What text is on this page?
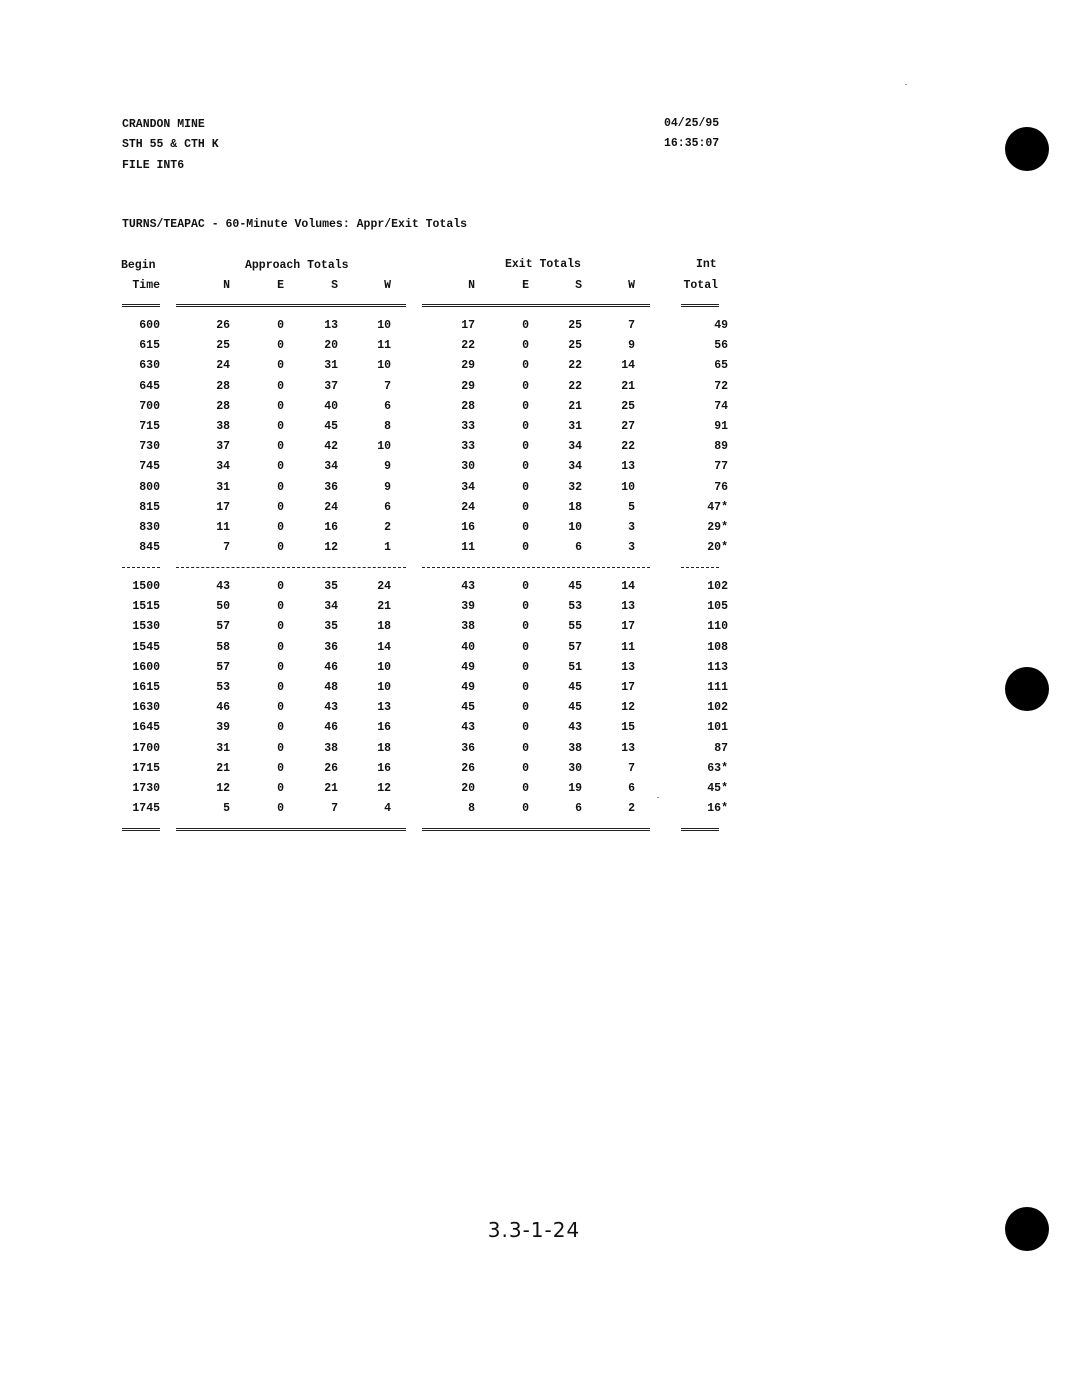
CRANDON MINE
STH 55 & CTH K
FILE INT6
04/25/95
16:35:07
TURNS/TEAPAC - 60-Minute Volumes: Appr/Exit Totals
Begin	Approach Totals	Exit Totals	Int
Time	N	E	S	W	N	E	S	W	Total
600	26	0	13	10	17	0	25	7	49
615	25	0	20	11	22	0	25	9	56
630	24	0	31	10	29	0	22	14	65
645	28	0	37	7	29	0	22	21	72
700	28	0	40	6	28	0	21	25	74
715	38	0	45	8	33	0	31	27	91
730	37	0	42	10	33	0	34	22	89
745	34	0	34	9	30	0	34	13	77
800	31	0	36	9	34	0	32	10	76
815	17	0	24	6	24	0	18	5	47*
830	11	0	16	2	16	0	10	3	29*
845	7	0	12	1	11	0	6	3	20*
1500	43	0	35	24	43	0	45	14	102
1515	50	0	34	21	39	0	53	13	105
1530	57	0	35	18	38	0	55	17	110
1545	58	0	36	14	40	0	57	11	108
1600	57	0	46	10	49	0	51	13	113
1615	53	0	48	10	49	0	45	17	111
1630	46	0	43	13	45	0	45	12	102
1645	39	0	46	16	43	0	43	15	101
1700	31	0	38	18	36	0	38	13	87
1715	21	0	26	16	26	0	30	7	63*
1730	12	0	21	12	20	0	19	6	45*
1745	5	0	7	4	8	0	6	2	16*
3.3-1-24
